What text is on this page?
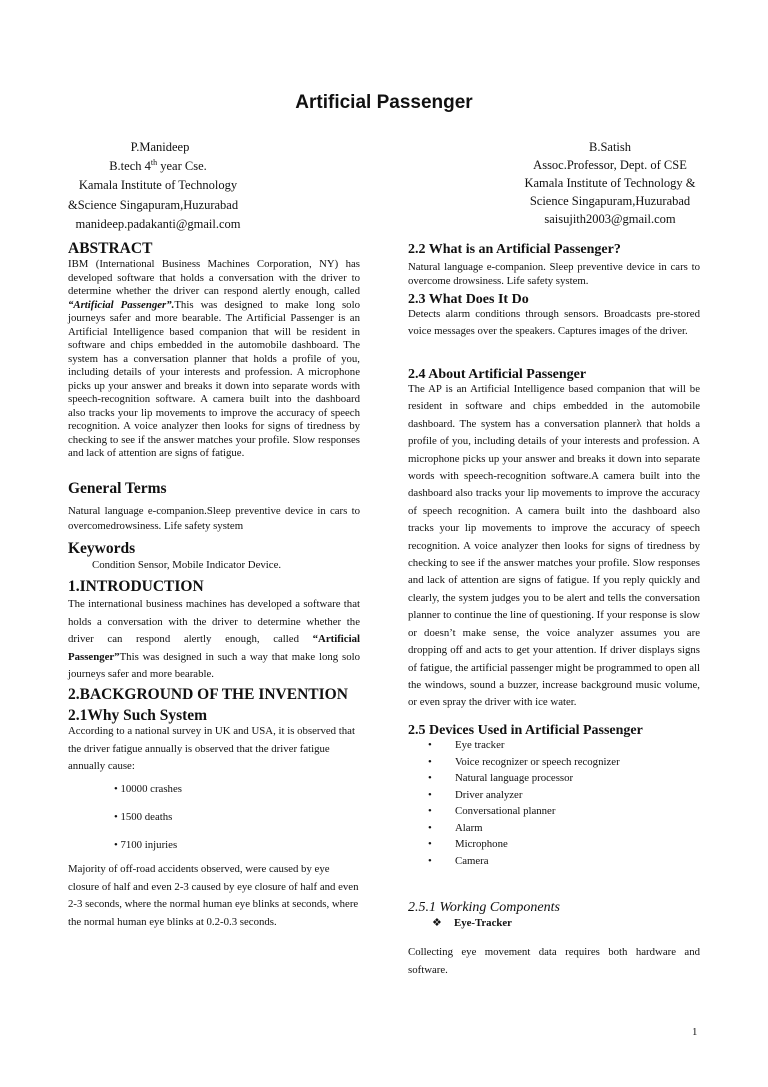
Artificial Passenger
P.Manideep
B.tech 4th year Cse.
Kamala Institute of Technology
&Science Singapuram,Huzurabad
manideep.padakanti@gmail.com
B.Satish
Assoc.Professor, Dept. of CSE
Kamala Institute of Technology &
Science Singapuram,Huzurabad
saisujith2003@gmail.com
ABSTRACT
IBM (International Business Machines Corporation, NY) has developed software that holds a conversation with the driver to determine whether the driver can respond alertly enough, called “Artificial Passenger”.This was designed to make long solo journeys safer and more bearable. The Artificial Passenger is an Artificial Intelligence based companion that will be resident in software and chips embedded in the automobile dashboard. The system has a conversation planner that holds a profile of you, including details of your interests and profession. A microphone picks up your answer and breaks it down into separate words with speech-recognition software. A camera built into the dashboard also tracks your lip movements to improve the accuracy of speech recognition. A voice analyzer then looks for signs of tiredness by checking to see if the answer matches your profile. Slow responses and lack of attention are signs of fatigue.
General Terms
Natural language e-companion.Sleep preventive device in cars to overcomedrowsiness. Life safety system
Keywords
Condition Sensor, Mobile Indicator Device.
1.INTRODUCTION
The international business machines has developed a software that holds a conversation with the driver to determine whether the driver can respond alertly enough, called “Artificial Passenger”This was designed in such a way that make long solo journeys safer and more bearable.
2.BACKGROUND OF THE INVENTION
2.1Why Such System
According to a national survey in UK and USA, it is observed that the driver fatigue annually is observed that the driver fatigue annually cause:
• 10000 crashes
• 1500 deaths
• 7100 injuries
Majority of off-road accidents observed, were caused by eye closure of half and even 2-3 caused by eye closure of half and even 2-3 seconds, where the normal human eye blinks at seconds, where the normal human eye blinks at 0.2-0.3 seconds.
2.2 What is an Artificial Passenger?
Natural language e-companion. Sleep preventive device in cars to overcome drowsiness. Life safety system.
2.3 What Does It Do
Detects alarm conditions through sensors. Broadcasts pre-stored voice messages over the speakers. Captures images of the driver.
2.4 About Artificial Passenger
The AP is an Artificial Intelligence based companion that will be resident in software and chips embedded in the automobile dashboard. The system has a conversation plannerλ that holds a profile of you, including details of your interests and profession. A microphone picks up your answer and breaks it down into separate words with speech-recognition software.A camera built into the dashboard also tracks your lip movements to improve the accuracy of speech recognition. A camera built into the dashboard also tracks your lip movements to improve the accuracy of speech recognition. A voice analyzer then looks for signs of tiredness by checking to see if the answer matches your profile. Slow responses and lack of attention are signs of fatigue. If you reply quickly and clearly, the system judges you to be alert and tells the conversation planner to continue the line of questioning. If your response is slow or doesn’t make sense, the voice analyzer assumes you are dropping off and acts to get your attention. If driver displays signs of fatigue, the artificial passenger might be programmed to open all the windows, sound a buzzer, increase background music volume, or even spray the driver with ice water.
2.5 Devices Used in Artificial Passenger
• Eye tracker
• Voice recognizer or speech recognizer
• Natural language processor
• Driver analyzer
• Conversational planner
• Alarm
• Microphone
• Camera
2.5.1 Working Components
❖ Eye-Tracker
Collecting eye movement data requires both hardware and software.
1
